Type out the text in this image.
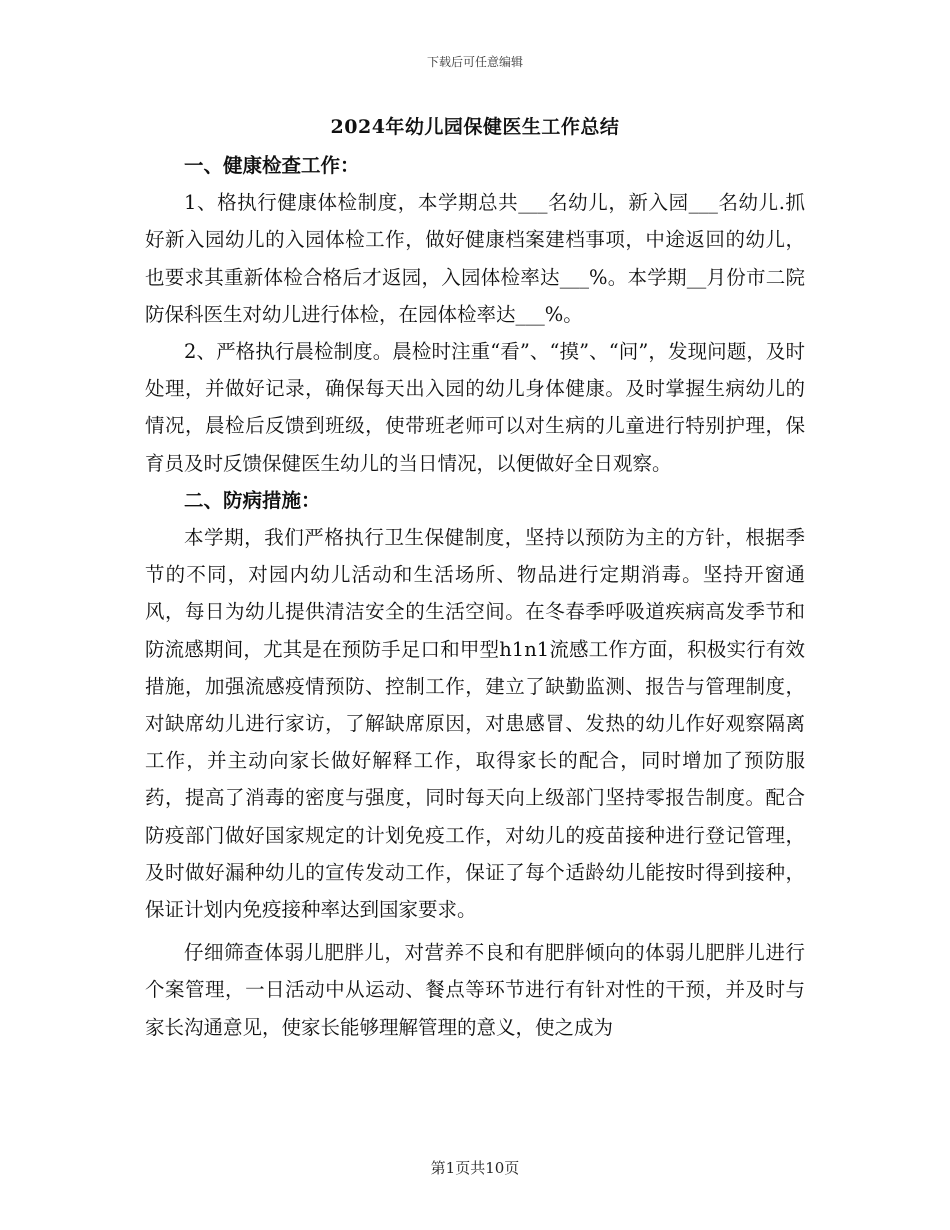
下载后可任意编辑
2024年幼儿园保健医生工作总结
一、健康检查工作：

1、格执行健康体检制度，本学期总共___名幼儿，新入园___名幼儿.抓好新入园幼儿的入园体检工作，做好健康档案建档事项，中途返回的幼儿，也要求其重新体检合格后才返园，入园体检率达___%。本学期__月份市二院防保科医生对幼儿进行体检，在园体检率达___%。

2、严格执行晨检制度。晨检时注重“看”、“摸”、“问”，发现问题，及时处理，并做好记录，确保每天出入园的幼儿身体健康。及时掌握生病幼儿的情况，晨检后反馈到班级，使带班老师可以对生病的儿童进行特别护理，保育员及时反馈保健医生幼儿的当日情况，以便做好全日观察。

二、防病措施：

本学期，我们严格执行卫生保健制度，坚持以预防为主的方针，根据季节的不同，对园内幼儿活动和生活场所、物品进行定期消毒。坚持开窗通风，每日为幼儿提供清洁安全的生活空间。在冬春季呼吸道疾病高发季节和防流感期间，尤其是在预防手足口和甲型h1n1流感工作方面，积极实行有效措施，加强流感疫情预防、控制工作，建立了缺勤监测、报告与管理制度，对缺席幼儿进行家访，了解缺席原因，对患感冒、发热的幼儿作好观察隔离工作，并主动向家长做好解释工作，取得家长的配合，同时增加了预防服药，提高了消毒的密度与强度，同时每天向上级部门坚持零报告制度。配合防疫部门做好国家规定的计划免疫工作，对幼儿的疫苗接种进行登记管理，及时做好漏种幼儿的宣传发动工作，保证了每个适龄幼儿能按时得到接种，保证计划内免疫接种率达到国家要求。

仔细筛查体弱儿肥胖儿，对营养不良和有肥胖倾向的体弱儿肥胖儿进行个案管理，一日活动中从运动、餐点等环节进行有针对性的干预，并及时与家长沟通意见，使家长能够理解管理的意义，使之成为

第1页共10页
